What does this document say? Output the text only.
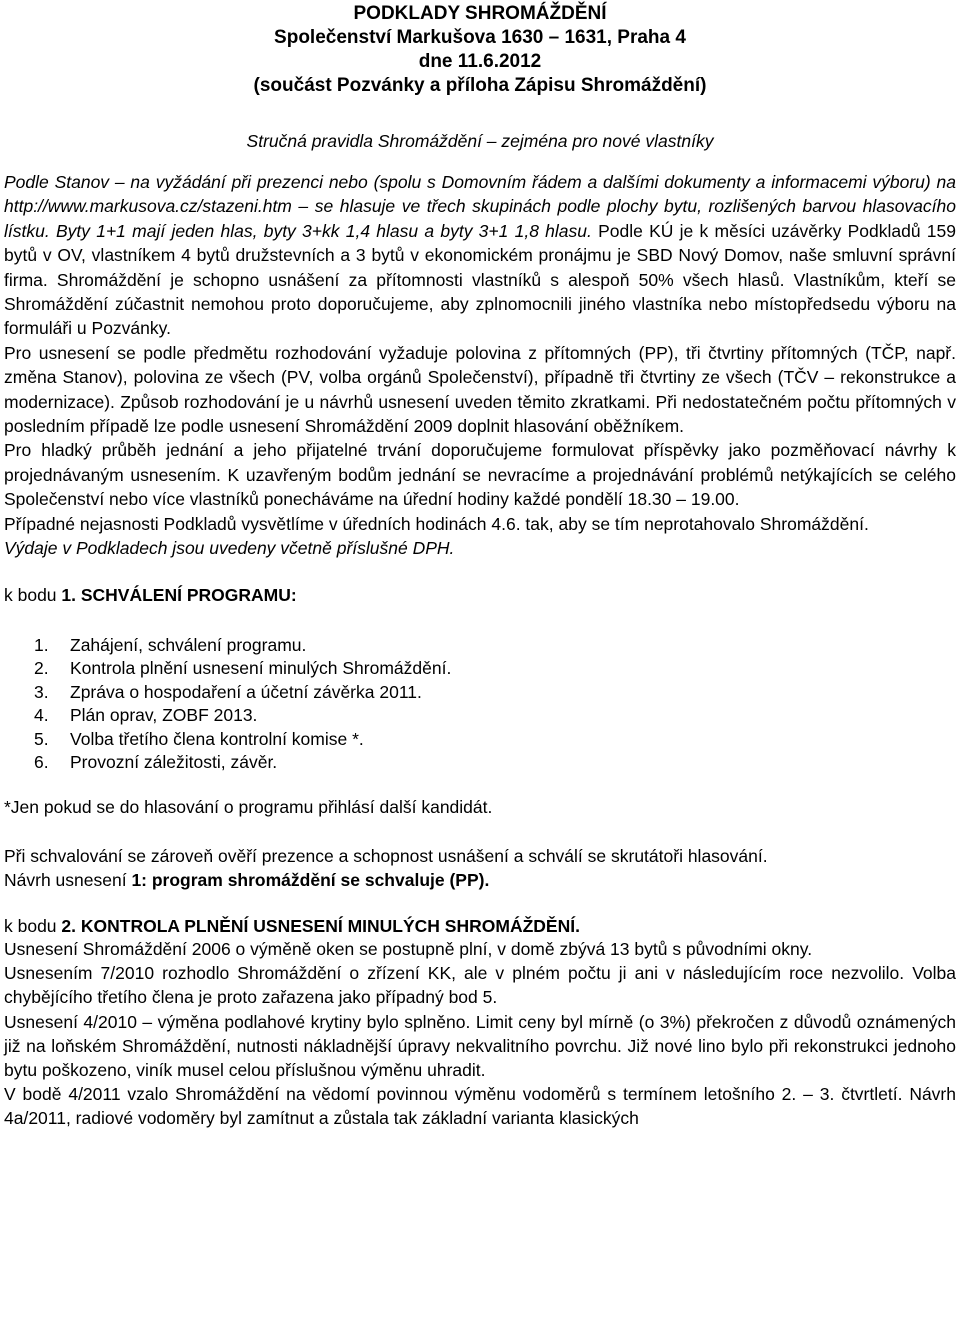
PODKLADY SHROMÁŽDĚNÍ
Společenství Markušova 1630 – 1631, Praha 4
dne 11.6.2012
(součást Pozvánky a příloha Zápisu Shromáždění)
Stručná pravidla Shromáždění – zejména pro nové vlastníky
Podle Stanov – na vyžádání při prezenci nebo (spolu s Domovním řádem a dalšími dokumenty a informacemi výboru) na http://www.markusova.cz/stazeni.htm – se hlasuje ve třech skupinách podle plochy bytu, rozlišených barvou hlasovacího lístku. Byty 1+1 mají jeden hlas, byty 3+kk 1,4 hlasu a byty 3+1 1,8 hlasu. Podle KÚ je k měsíci uzávěrky Podkladů 159 bytů v OV, vlastníkem 4 bytů družstevních a 3 bytů v ekonomickém pronájmu je SBD Nový Domov, naše smluvní správní firma. Shromáždění je schopno usnášení za přítomnosti vlastníků s alespoň 50% všech hlasů. Vlastníkům, kteří se Shromáždění zúčastnit nemohou proto doporučujeme, aby zplnomocnili jiného vlastníka nebo místopředsedu výboru na formuláři u Pozvánky.
Pro usnesení se podle předmětu rozhodování vyžaduje polovina z přítomných (PP), tři čtvrtiny přítomných (TČP, např. změna Stanov), polovina ze všech (PV, volba orgánů Společenství), případně tři čtvrtiny ze všech (TČV – rekonstrukce a modernizace). Způsob rozhodování je u návrhů usnesení uveden těmito zkratkami. Při nedostatečném počtu přítomných v posledním případě lze podle usnesení Shromáždění 2009 doplnit hlasování oběžníkem.
Pro hladký průběh jednání a jeho přijatelné trvání doporučujeme formulovat příspěvky jako pozměňovací návrhy k projednávaným usnesením. K uzavřeným bodům jednání se nevracíme a projednávání problémů netýkajících se celého Společenství nebo více vlastníků ponecháváme na úřední hodiny každé pondělí 18.30 – 19.00.
Případné nejasnosti Podkladů vysvětlíme v úředních hodinách 4.6. tak, aby se tím neprotahovalo Shromáždění.
Výdaje v Podkladech jsou uvedeny včetně příslušné DPH.
k bodu 1. SCHVÁLENÍ PROGRAMU:
1. Zahájení, schválení programu.
2. Kontrola plnění usnesení minulých Shromáždění.
3. Zpráva o hospodaření a účetní závěrka 2011.
4. Plán oprav, ZOBF 2013.
5. Volba třetího člena kontrolní komise *.
6. Provozní záležitosti, závěr.
*Jen pokud se do hlasování o programu přihlásí další kandidát.
Při schvalování se zároveň ověří prezence a schopnost usnášení a schválí se skrutátoři hlasování.
Návrh usnesení 1: program shromáždění se schvaluje (PP).
k bodu 2. KONTROLA PLNĚNÍ USNESENÍ MINULÝCH SHROMÁŽDĚNÍ.
Usnesení Shromáždění 2006 o výměně oken se postupně plní, v domě zbývá 13 bytů s původními okny.
Usnesením 7/2010 rozhodlo Shromáždění o zřízení KK, ale v plném počtu ji ani v následujícím roce nezvolilo. Volba chybějícího třetího člena je proto zařazena jako případný bod 5.
Usnesení 4/2010 – výměna podlahové krytiny bylo splněno. Limit ceny byl mírně (o 3%) překročen z důvodů oznámených již na loňském Shromáždění, nutnosti nákladnější úpravy nekvalitního povrchu. Již nové lino bylo při rekonstrukci jednoho bytu poškozeno, viník musel celou příslušnou výměnu uhradit.
V bodě 4/2011 vzalo Shromáždění na vědomí povinnou výměnu vodoměrů s termínem letošního 2. – 3. čtvrtletí. Návrh 4a/2011, radiové vodoměry byl zamítnut a zůstala tak základní varianta klasických
